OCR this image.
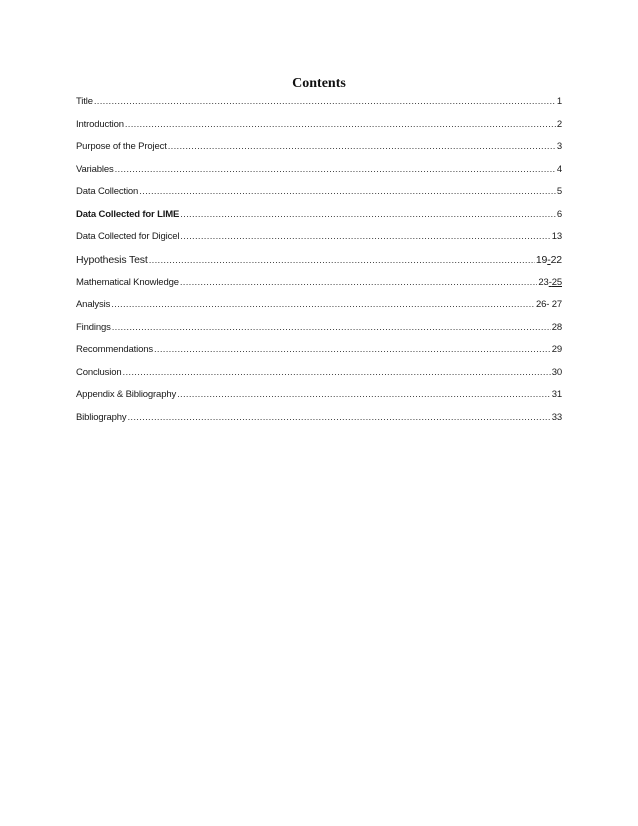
Contents
Title .....	1
Introduction .....	2
Purpose of the Project .....	3
Variables .....	4
Data Collection .....	5
Data Collected for LIME .....	6
Data Collected for Digicel .....	13
Hypothesis Test .....	19-22
Mathematical Knowledge .....	23-25
Analysis .....	26- 27
Findings .....	28
Recommendations .....	29
Conclusion .....	30
Appendix & Bibliography .....	31
Bibliography .....	33
